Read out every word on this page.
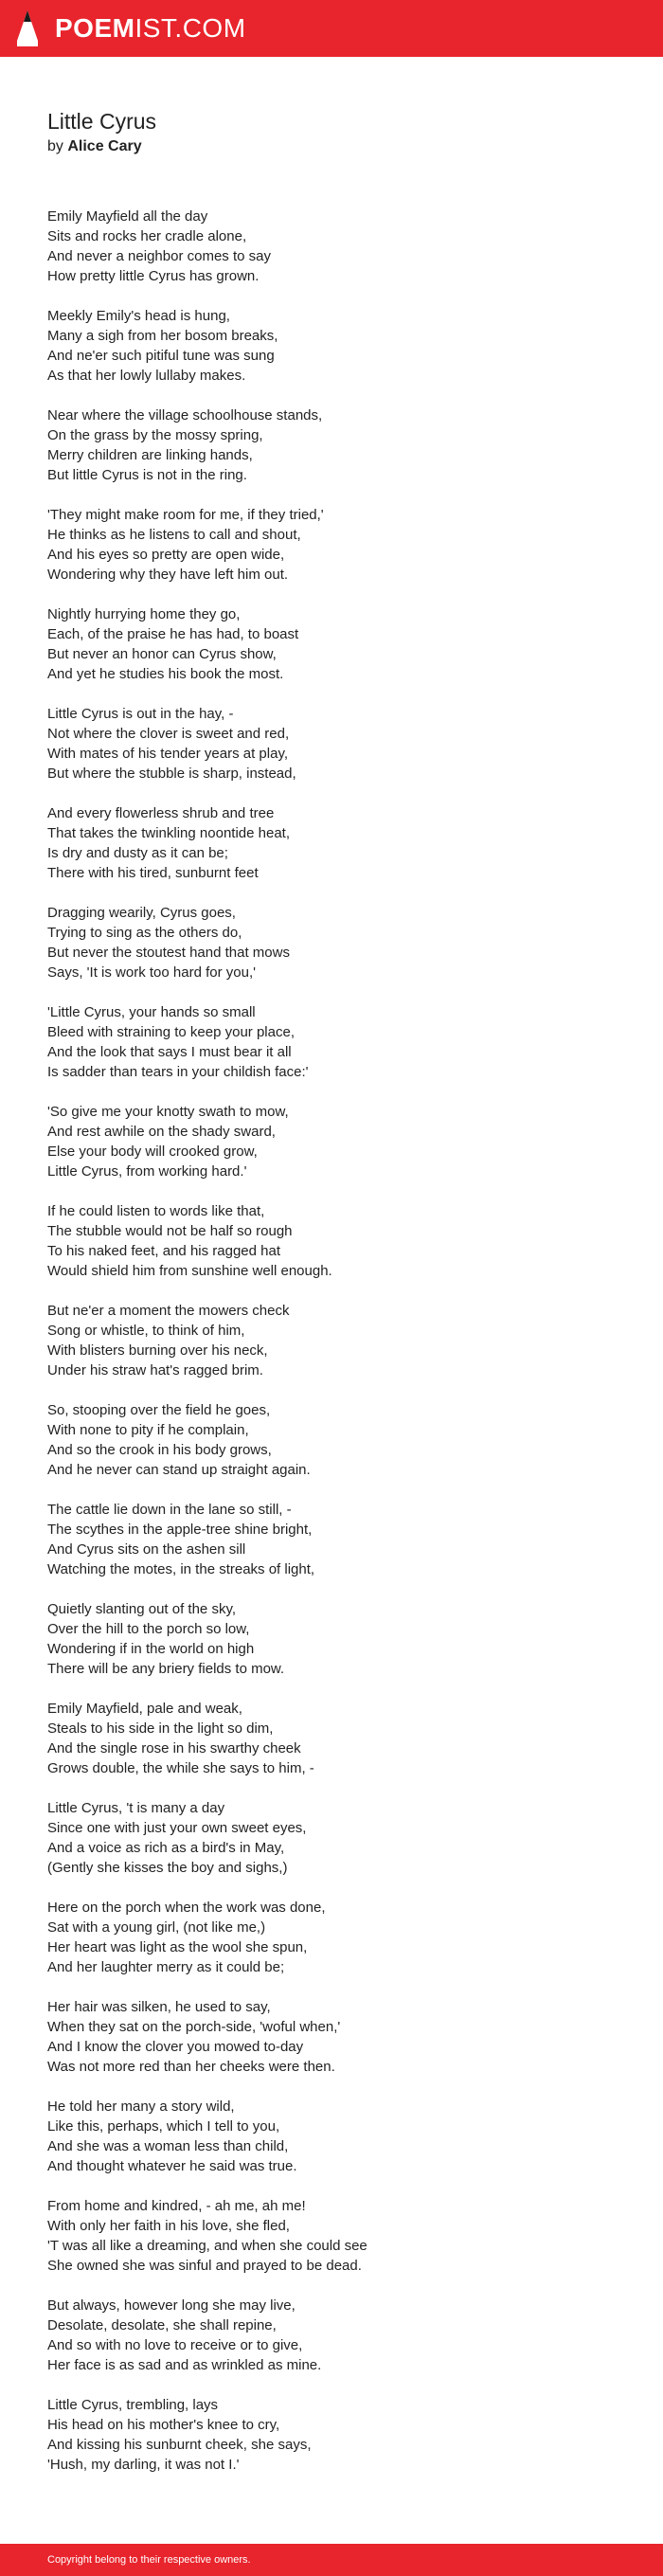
POEMIST.COM
Little Cyrus
by Alice Cary
Emily Mayfield all the day
Sits and rocks her cradle alone,
And never a neighbor comes to say
How pretty little Cyrus has grown.
Meekly Emily's head is hung,
Many a sigh from her bosom breaks,
And ne'er such pitiful tune was sung
As that her lowly lullaby makes.
Near where the village schoolhouse stands,
On the grass by the mossy spring,
Merry children are linking hands,
But little Cyrus is not in the ring.
'They might make room for me, if they tried,'
He thinks as he listens to call and shout,
And his eyes so pretty are open wide,
Wondering why they have left him out.
Nightly hurrying home they go,
Each, of the praise he has had, to boast
But never an honor can Cyrus show,
And yet he studies his book the most.
Little Cyrus is out in the hay, -
Not where the clover is sweet and red,
With mates of his tender years at play,
But where the stubble is sharp, instead,
And every flowerless shrub and tree
That takes the twinkling noontide heat,
Is dry and dusty as it can be;
There with his tired, sunburnt feet
Dragging wearily, Cyrus goes,
Trying to sing as the others do,
But never the stoutest hand that mows
Says, 'It is work too hard for you,'
'Little Cyrus, your hands so small
Bleed with straining to keep your place,
And the look that says I must bear it all
Is sadder than tears in your childish face:'
'So give me your knotty swath to mow,
And rest awhile on the shady sward,
Else your body will crooked grow,
Little Cyrus, from working hard.'
If he could listen to words like that,
The stubble would not be half so rough
To his naked feet, and his ragged hat
Would shield him from sunshine well enough.
But ne'er a moment the mowers check
Song or whistle, to think of him,
With blisters burning over his neck,
Under his straw hat's ragged brim.
So, stooping over the field he goes,
With none to pity if he complain,
And so the crook in his body grows,
And he never can stand up straight again.
The cattle lie down in the lane so still, -
The scythes in the apple-tree shine bright,
And Cyrus sits on the ashen sill
Watching the motes, in the streaks of light,
Quietly slanting out of the sky,
Over the hill to the porch so low,
Wondering if in the world on high
There will be any briery fields to mow.
Emily Mayfield, pale and weak,
Steals to his side in the light so dim,
And the single rose in his swarthy cheek
Grows double, the while she says to him, -
Little Cyrus, 't is many a day
Since one with just your own sweet eyes,
And a voice as rich as a bird's in May,
(Gently she kisses the boy and sighs,)
Here on the porch when the work was done,
Sat with a young girl, (not like me,)
Her heart was light as the wool she spun,
And her laughter merry as it could be;
Her hair was silken, he used to say,
When they sat on the porch-side, 'woful when,'
And I know the clover you mowed to-day
Was not more red than her cheeks were then.
He told her many a story wild,
Like this, perhaps, which I tell to you,
And she was a woman less than child,
And thought whatever he said was true.
From home and kindred, - ah me, ah me!
With only her faith in his love, she fled,
'T was all like a dreaming, and when she could see
She owned she was sinful and prayed to be dead.
But always, however long she may live,
Desolate, desolate, she shall repine,
And so with no love to receive or to give,
Her face is as sad and as wrinkled as mine.
Little Cyrus, trembling, lays
His head on his mother's knee to cry,
And kissing his sunburnt cheek, she says,
'Hush, my darling, it was not I.'
Copyright belong to their respective owners.
